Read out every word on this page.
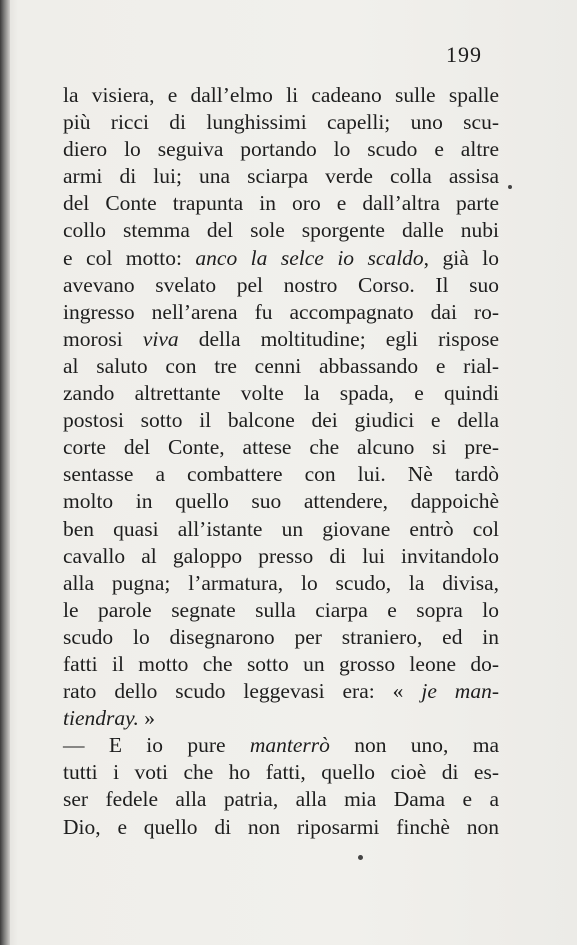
199
la visiera, e dall’elmo li cadeano sulle spalle
più ricci di lunghissimi capelli; uno scu-
diero lo seguiva portando lo scudo e altre
armi di lui; una sciarpa verde colla assisa
del Conte trapunta in oro e dall’altra parte
collo stemma del sole sporgente dalle nubi
e col motto: anco la selce io scaldo, già lo
avevano svelato pel nostro Corso. Il suo
ingresso nell’arena fu accompagnato dai ro-
morosi viva della moltitudine; egli rispose
al saluto con tre cenni abbassando e rial-
zando altrettante volte la spada, e quindi
postosi sotto il balcone dei giudici e della
corte del Conte, attese che alcuno si pre-
sentasse a combattere con lui. Nè tardò
molto in quello suo attendere, dappoichè
ben quasi all’istante un giovane entrò col
cavallo al galoppo presso di lui invitandolo
alla pugna; l’armatura, lo scudo, la divisa,
le parole segnate sulla ciarpa e sopra lo
scudo lo disegnarono per straniero, ed in
fatti il motto che sotto un grosso leone do-
rato dello scudo leggevasi era: « je man-
tiendray. »
— E io pure manterrò non uno, ma
tutti i voti che ho fatti, quello cioè di es-
ser fedele alla patria, alla mia Dama e a
Dio, e quello di non riposarmi finchè non
